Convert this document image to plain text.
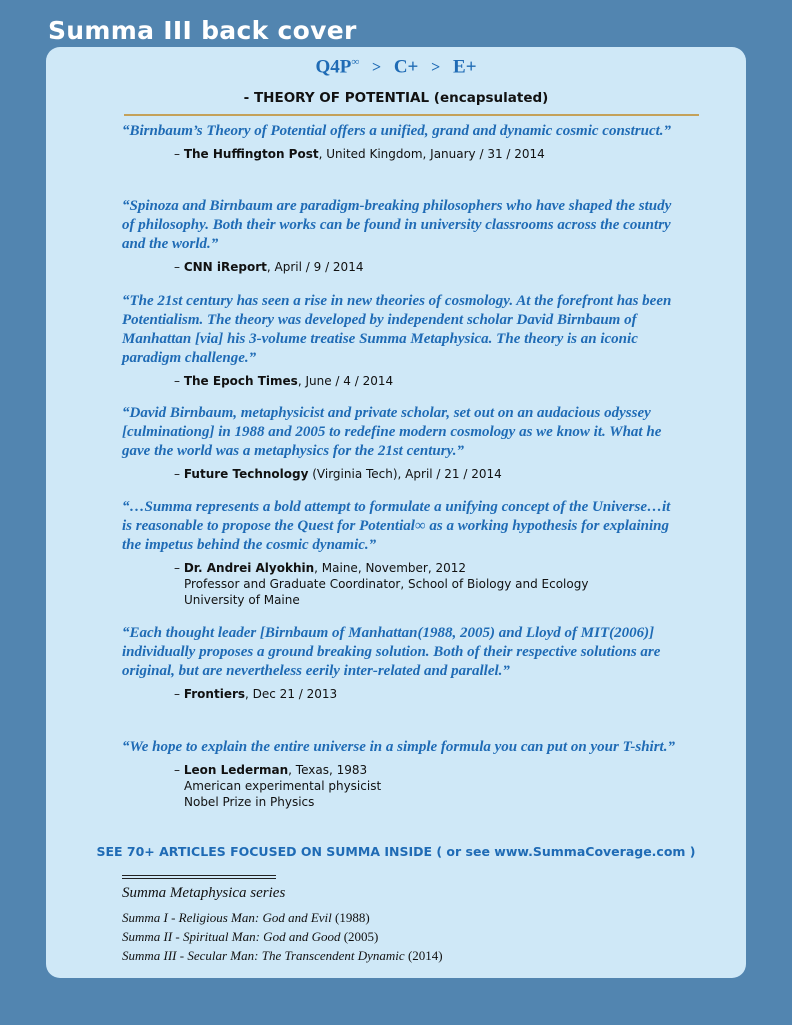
Summa III back cover
Q4P∞ > C+ > E+
- THEORY OF POTENTIAL (encapsulated)

“Birnbaum’s Theory of Potential offers a unified, grand and dynamic cosmic construct.”

– The Huffington Post, United Kingdom, January / 31 / 2014

“Spinoza and Birnbaum are paradigm-breaking philosophers who have shaped the study of philosophy. Both their works can be found in university classrooms across the country and the world.”

– CNN iReport, April / 9 / 2014

“The 21st century has seen a rise in new theories of cosmology. At the forefront has been Potentialism. The theory was developed by independent scholar David Birnbaum of Manhattan [via] his 3-volume treatise Summa Metaphysica. The theory is an iconic paradigm challenge.”

– The Epoch Times, June / 4 / 2014

“David Birnbaum, metaphysicist and private scholar, set out on an audacious odyssey [culminationg] in 1988 and 2005 to redefine modern cosmology as we know it. What he gave the world was a metaphysics for the 21st century.”

– Future Technology (Virginia Tech), April / 21 / 2014

“…Summa represents a bold attempt to formulate a unifying concept of the Universe…it is reasonable to propose the Quest for Potential∞ as a working hypothesis for explaining the impetus behind the cosmic dynamic.”

– Dr. Andrei Alyokhin, Maine, November, 2012
Professor and Graduate Coordinator, School of Biology and Ecology
University of Maine

“Each thought leader [Birnbaum of Manhattan(1988, 2005) and Lloyd of MIT(2006)] individually proposes a ground breaking solution. Both of their respective solutions are original, but are nevertheless eerily inter-related and parallel.”

– Frontiers, Dec 21 / 2013

“We hope to explain the entire universe in a simple formula you can put on your T-shirt.”

– Leon Lederman, Texas, 1983
American experimental physicist
Nobel Prize in Physics
SEE 70+ ARTICLES FOCUSED ON SUMMA INSIDE ( or see www.SummaCoverage.com )
Summa Metaphysica series
Summa I - Religious Man: God and Evil (1988)
Summa II - Spiritual Man: God and Good (2005)
Summa III - Secular Man: The Transcendent Dynamic (2014)
